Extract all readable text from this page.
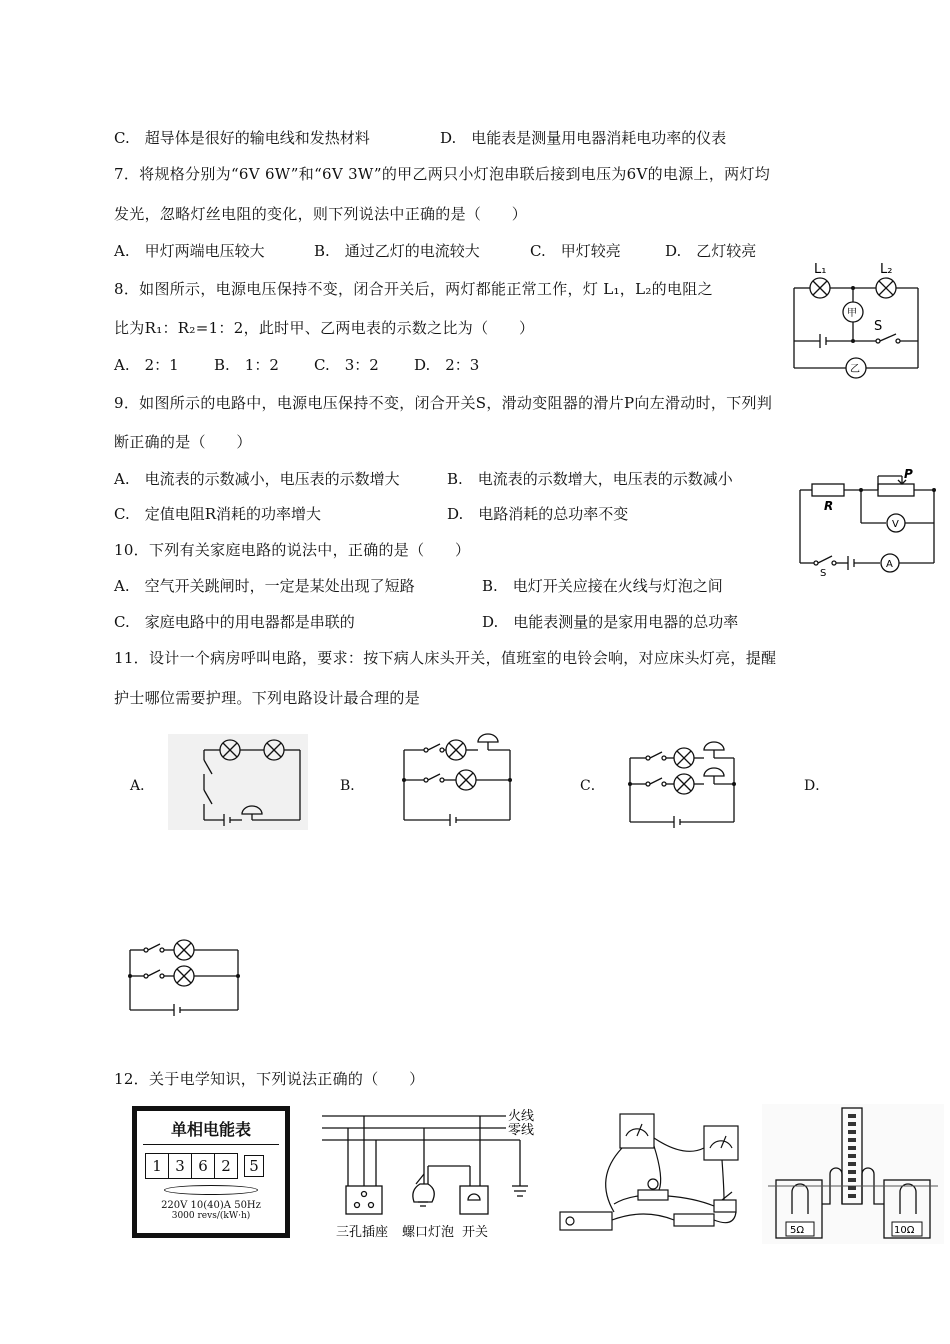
C.　超导体是很好的输电线和发热材料	D.　电能表是测量用电器消耗电功率的仪表
7．将规格分别为“6V 6W”和“6V 3W”的甲乙两只小灯泡串联后接到电压为6V的电源上，两灯均
发光，忽略灯丝电阻的变化，则下列说法中正确的是（　　）
A.　甲灯两端电压较大	B.　通过乙灯的电流较大	C.　甲灯较亮	D.　乙灯较亮
8．如图所示，电源电压保持不变，闭合开关后，两灯都能正常工作，灯 L₁，L₂的电阻之
比为R₁：R₂=1：2，此时甲、乙两电表的示数之比为（　　）
A.　2：1 B.　1：2 C.　3：2 D.　2：3
L₁	L₂
甲
乙
S
9．如图所示的电路中，电源电压保持不变，闭合开关S，滑动变阻器的滑片P向左滑动时，下列判
断正确的是（　　）
A.　电流表的示数减小，电压表的示数增大	B.　电流表的示数增大，电压表的示数减小
C.　定值电阻R消耗的功率增大	D.　电路消耗的总功率不变	R
P
V
A
S
10．下列有关家庭电路的说法中，正确的是（　　）
A.　空气开关跳闸时，一定是某处出现了短路	B.　电灯开关应接在火线与灯泡之间
C.　家庭电路中的用电器都是串联的	D.　电能表测量的是家用电器的总功率
11．设计一个病房呼叫电路，要求：按下病人床头开关，值班室的电铃会响，对应床头灯亮，提醒
护士哪位需要护理。下列电路设计最合理的是
A．	B．	C．	D．
12．关于电学知识，下列说法正确的（　　）
单相电能表
1 3 6 2	5
220V 10(40)A 50Hz
3000 revs/(kW·h)
火线
零线
三孔插座 螺口灯泡 开关	5Ω	10Ω
